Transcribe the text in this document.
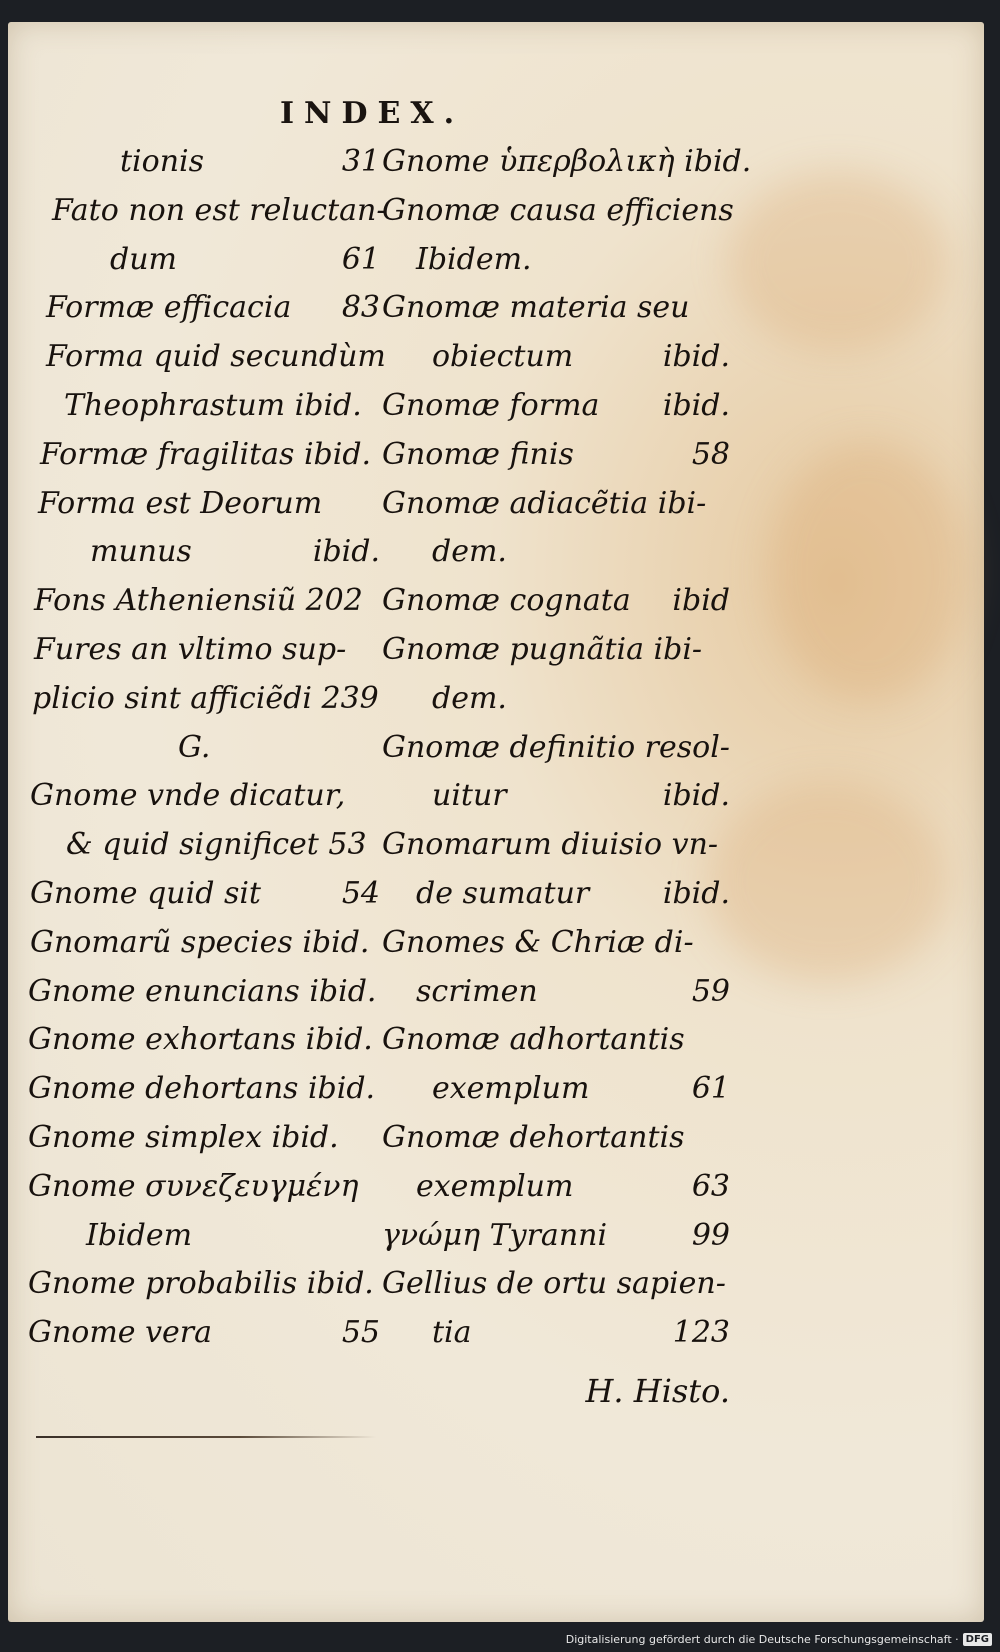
INDEX.
tionis	31
Fato non est reluctan-
dum	61
Formæ efficacia 83
Forma quid secundùm
Theophrastum ibid.
Formæ fragilitas ibid.
Forma est Deorum
munus	ibid.
Fons Atheniensiũ 202
Fures an vltimo sup-
plicio sint afficiẽdi 239
G.
Gnome vnde dicatur,
& quid significet 53
Gnome quid sit	54
Gnomarũ species ibid.
Gnome enuncians ibid.
Gnome exhortans ibid.
Gnome dehortans ibid.
Gnome simplex ibid.
Gnome συνεζευγμένη
Ibidem
Gnome probabilis ibid.
Gnome vera	55
Gnome ὑπερβολικὴ ibid.
Gnomæ causa efficiens
Ibidem.
Gnomæ materia seu
obiectum	ibid.
Gnomæ forma ibid.
Gnomæ finis	58
Gnomæ adiacẽtia ibi-
dem.
Gnomæ cognata ibid
Gnomæ pugnãtia ibi-
dem.
Gnomæ definitio resol-
uitur	ibid.
Gnomarum diuisio vn-
de sumatur ibid.
Gnomes & Chriæ di-
scrimen	59
Gnomæ adhortantis
exemplum	61
Gnomæ dehortantis
exemplum	63
γνώμη Tyranni	99
Gellius de ortu sapien-
tia	123
H. Histo.
Digitalisierung gefördert durch die Deutsche Forschungsgemeinschaft · DFG
